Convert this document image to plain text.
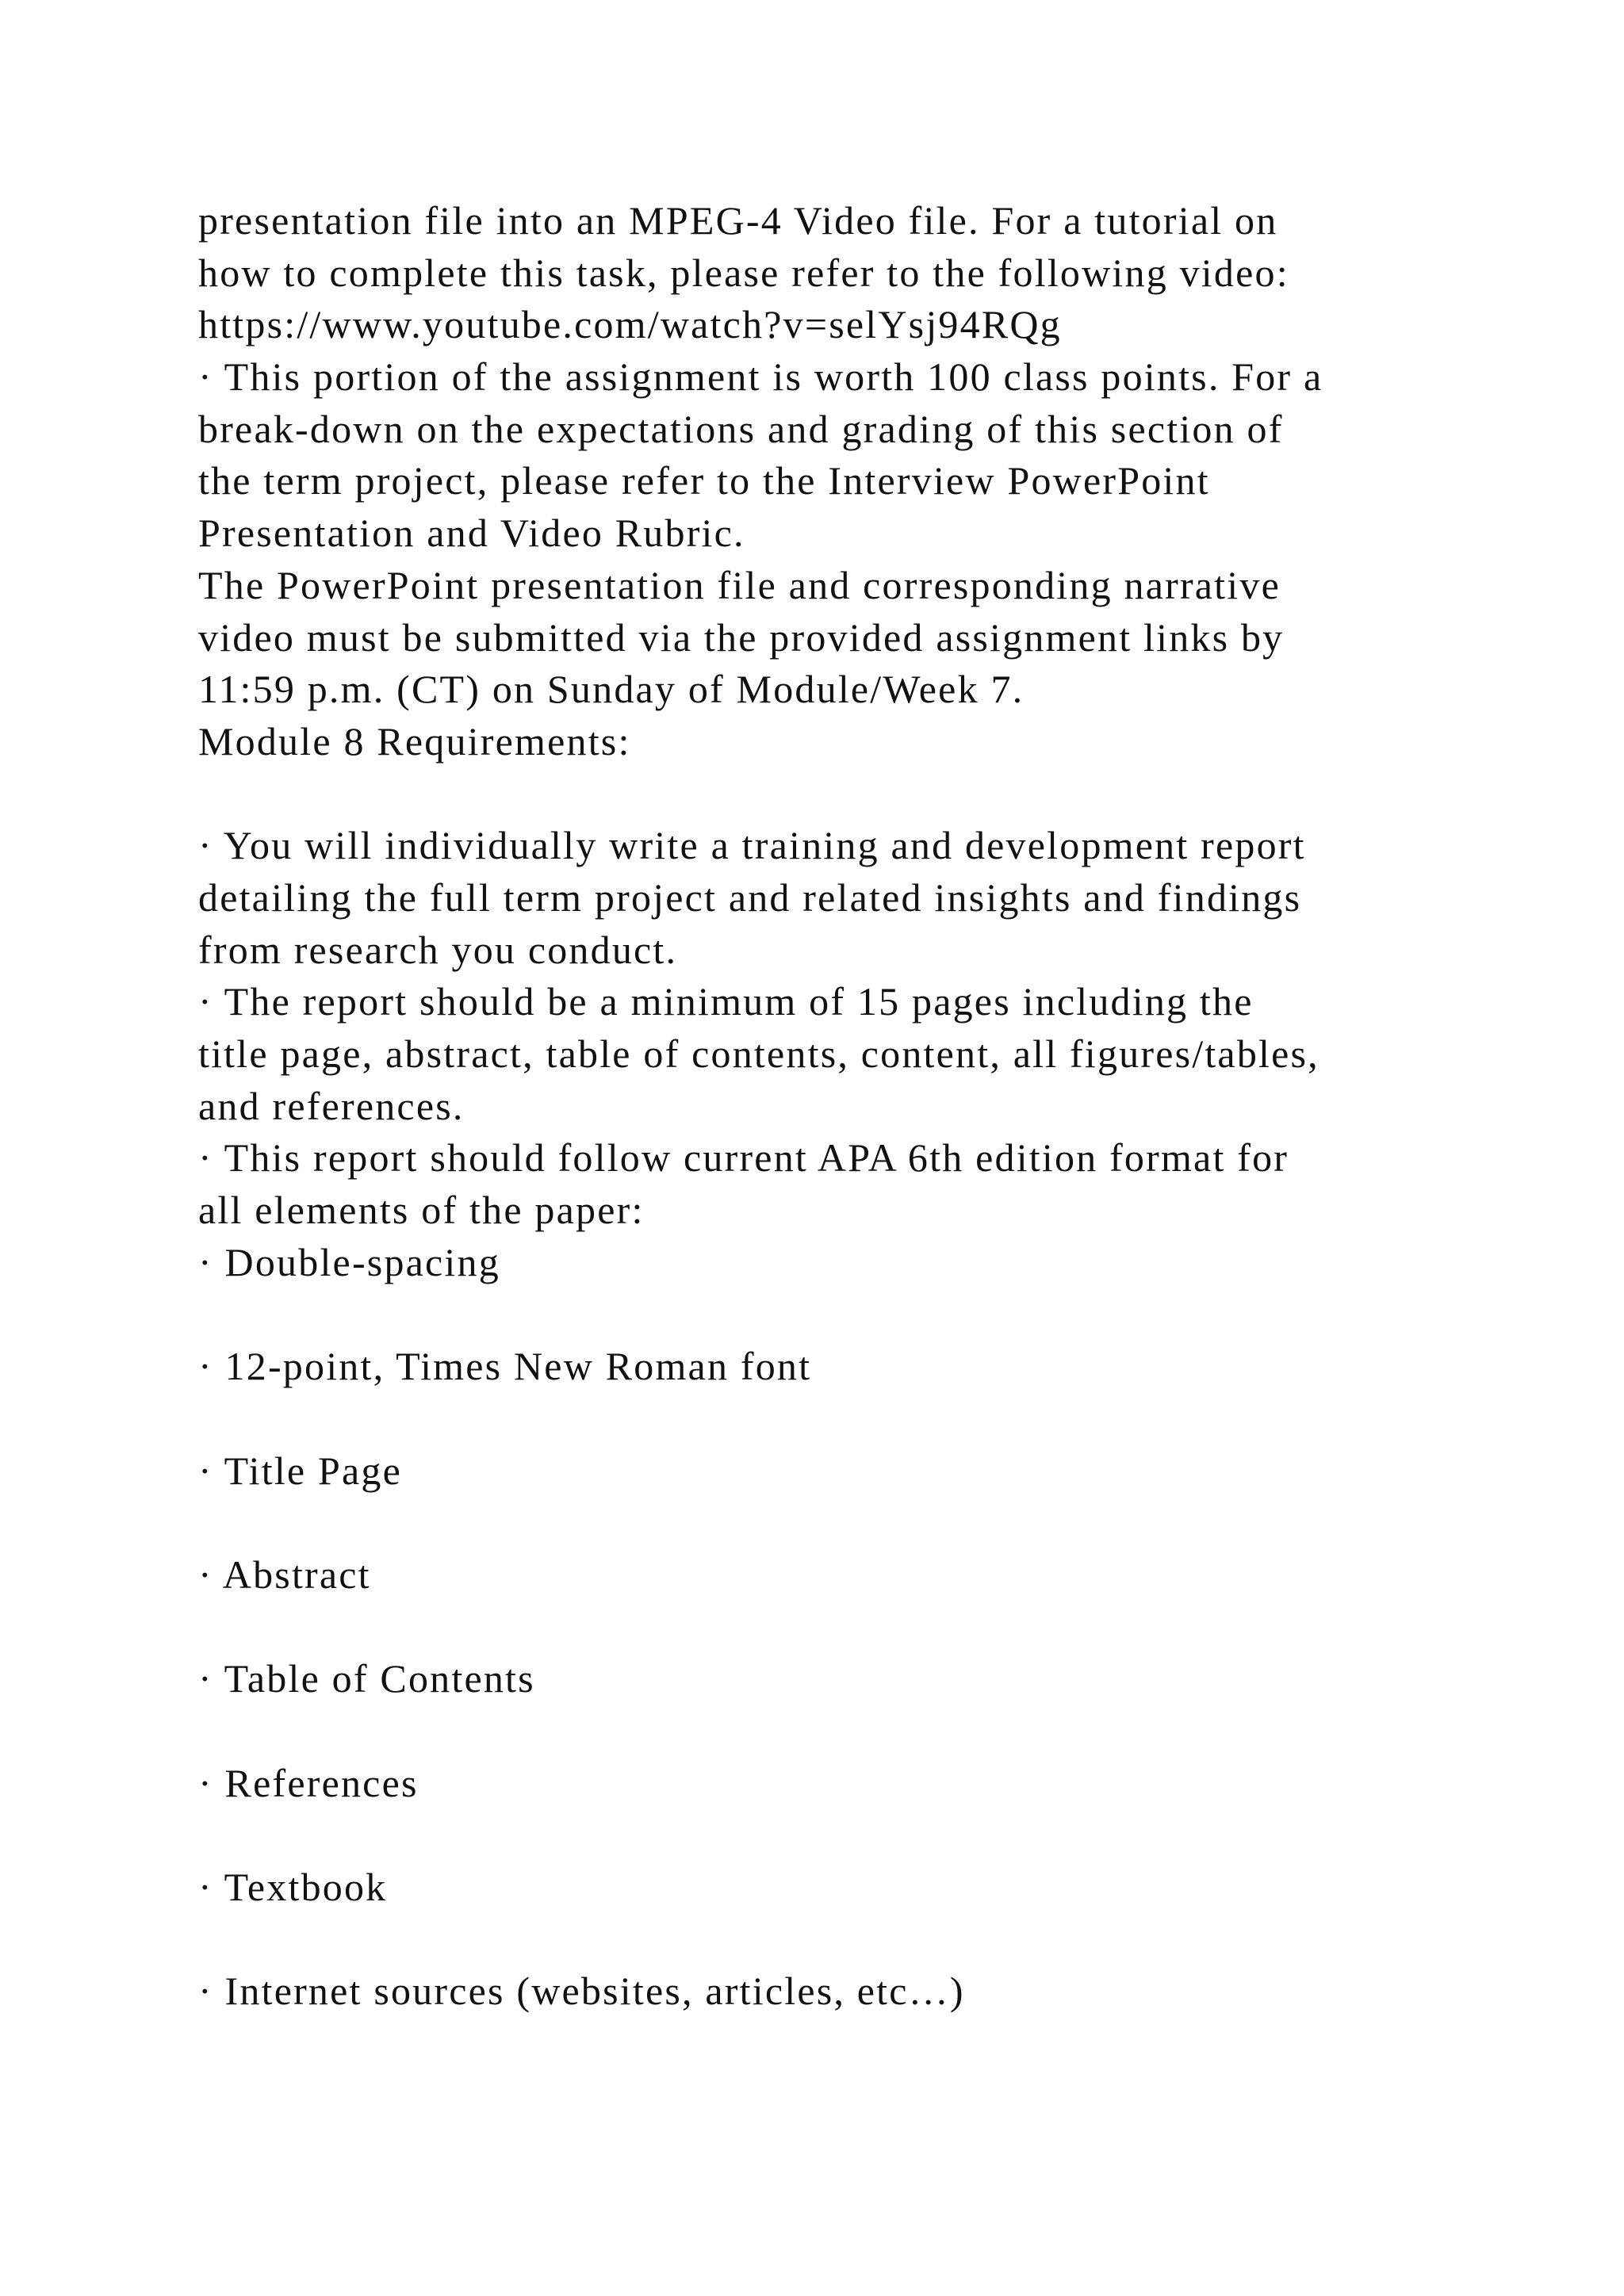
presentation file into an MPEG-4 Video file. For a tutorial on
how to complete this task, please refer to the following video:
https://www.youtube.com/watch?v=selYsj94RQg
· This portion of the assignment is worth 100 class points. For a
break-down on the expectations and grading of this section of
the term project, please refer to the Interview PowerPoint
Presentation and Video Rubric.
The PowerPoint presentation file and corresponding narrative
video must be submitted via the provided assignment links by
11:59 p.m. (CT) on Sunday of Module/Week 7.
Module 8 Requirements:
· You will individually write a training and development report
detailing the full term project and related insights and findings
from research you conduct.
· The report should be a minimum of 15 pages including the
title page, abstract, table of contents, content, all figures/tables,
and references.
· This report should follow current APA 6th edition format for
all elements of the paper:
· Double-spacing
· 12-point, Times New Roman font
· Title Page
· Abstract
· Table of Contents
· References
· Textbook
· Internet sources (websites, articles, etc…)
